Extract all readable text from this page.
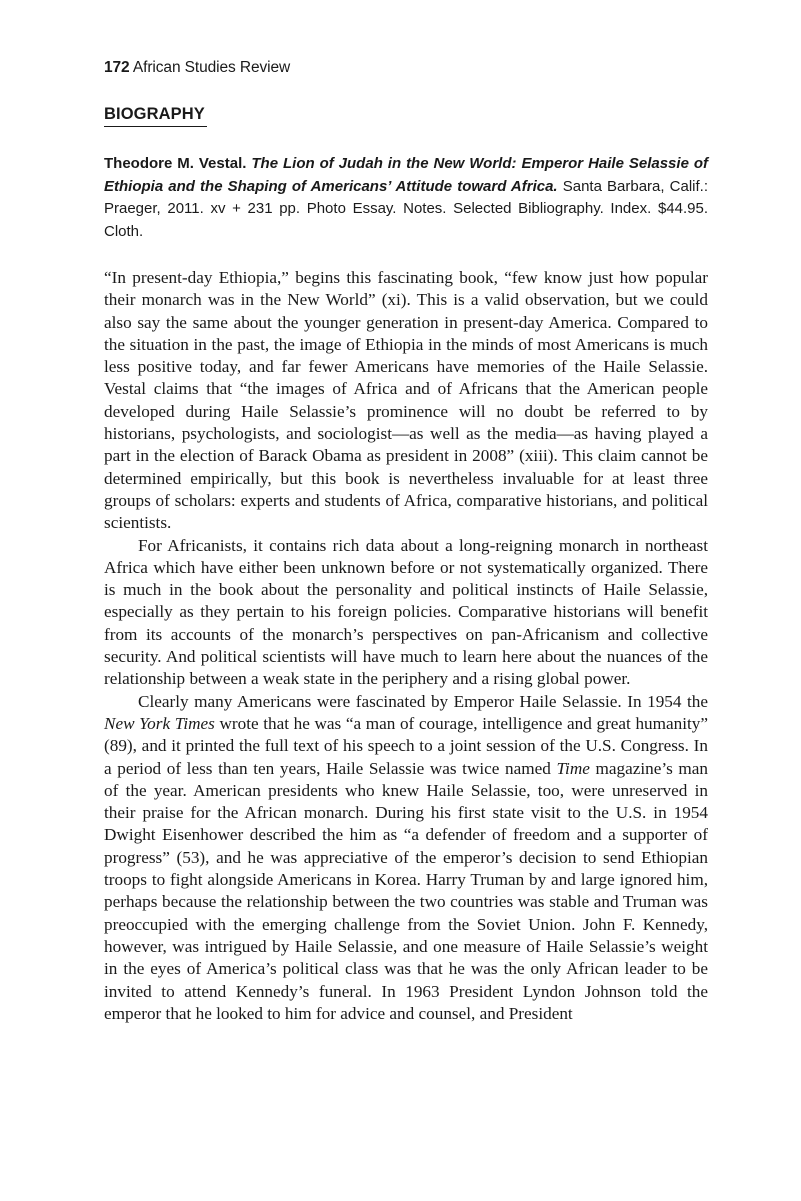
172 African Studies Review
BIOGRAPHY
Theodore M. Vestal. The Lion of Judah in the New World: Emperor Haile Selassie of Ethiopia and the Shaping of Americans’ Attitude toward Africa. Santa Barbara, Calif.: Praeger, 2011. xv + 231 pp. Photo Essay. Notes. Selected Bibliography. Index. $44.95. Cloth.

“In present-day Ethiopia,” begins this fascinating book, “few know just how popular their monarch was in the New World” (xi). This is a valid observation, but we could also say the same about the younger generation in present-day America. Compared to the situation in the past, the image of Ethiopia in the minds of most Americans is much less positive today, and far fewer Americans have memories of the Haile Selassie. Vestal claims that “the images of Africa and of Africans that the American people developed during Haile Selassie’s prominence will no doubt be referred to by historians, psychologists, and sociologist—as well as the media—as having played a part in the election of Barack Obama as president in 2008” (xiii). This claim cannot be determined empirically, but this book is nevertheless invaluable for at least three groups of scholars: experts and students of Africa, comparative historians, and political scientists.

For Africanists, it contains rich data about a long-reigning monarch in northeast Africa which have either been unknown before or not systematically organized. There is much in the book about the personality and political instincts of Haile Selassie, especially as they pertain to his foreign policies. Comparative historians will benefit from its accounts of the monarch’s perspectives on pan-Africanism and collective security. And political scientists will have much to learn here about the nuances of the relationship between a weak state in the periphery and a rising global power.

Clearly many Americans were fascinated by Emperor Haile Selassie. In 1954 the New York Times wrote that he was “a man of courage, intelligence and great humanity” (89), and it printed the full text of his speech to a joint session of the U.S. Congress. In a period of less than ten years, Haile Selassie was twice named Time magazine’s man of the year. American presidents who knew Haile Selassie, too, were unreserved in their praise for the African monarch. During his first state visit to the U.S. in 1954 Dwight Eisenhower described the him as “a defender of freedom and a supporter of progress” (53), and he was appreciative of the emperor’s decision to send Ethiopian troops to fight alongside Americans in Korea. Harry Truman by and large ignored him, perhaps because the relationship between the two countries was stable and Truman was preoccupied with the emerging challenge from the Soviet Union. John F. Kennedy, however, was intrigued by Haile Selassie, and one measure of Haile Selassie’s weight in the eyes of America’s political class was that he was the only African leader to be invited to attend Kennedy’s funeral. In 1963 President Lyndon Johnson told the emperor that he looked to him for advice and counsel, and President
